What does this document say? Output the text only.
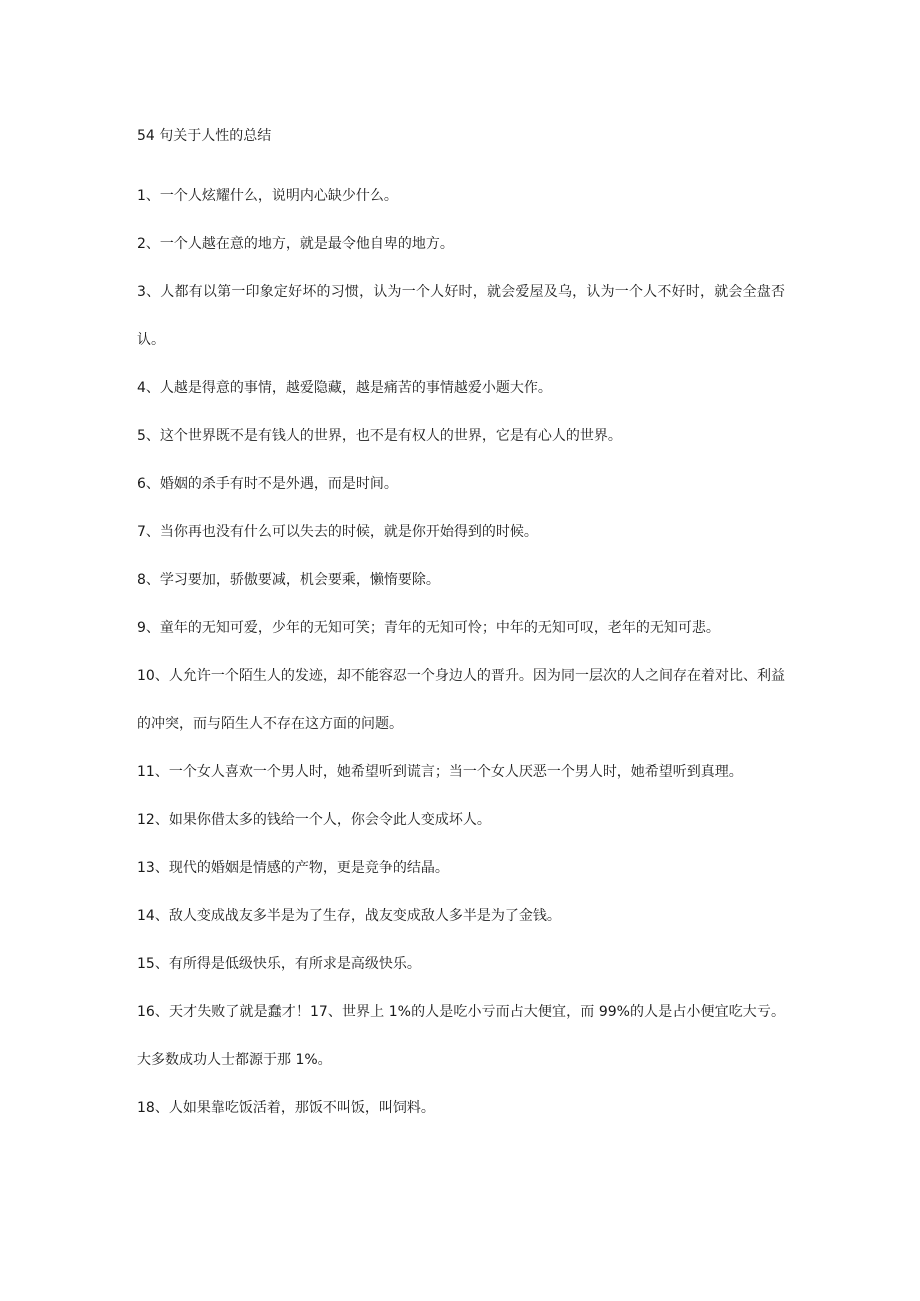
54 句关于人性的总结

1、一个人炫耀什么，说明内心缺少什么。

2、一个人越在意的地方，就是最令他自卑的地方。

3、人都有以第一印象定好坏的习惯，认为一个人好时，就会爱屋及乌，认为一个人不好时，就会全盘否认。

4、人越是得意的事情，越爱隐藏，越是痛苦的事情越爱小题大作。

5、这个世界既不是有钱人的世界，也不是有权人的世界，它是有心人的世界。

6、婚姻的杀手有时不是外遇，而是时间。

7、当你再也没有什么可以失去的时候，就是你开始得到的时候。

8、学习要加，骄傲要减，机会要乘，懒惰要除。

9、童年的无知可爱，少年的无知可笑；青年的无知可怜；中年的无知可叹，老年的无知可悲。

10、人允许一个陌生人的发迹，却不能容忍一个身边人的晋升。因为同一层次的人之间存在着对比、利益的冲突，而与陌生人不存在这方面的问题。

11、一个女人喜欢一个男人时，她希望听到谎言；当一个女人厌恶一个男人时，她希望听到真理。

12、如果你借太多的钱给一个人，你会令此人变成坏人。

13、现代的婚姻是情感的产物，更是竞争的结晶。

14、敌人变成战友多半是为了生存，战友变成敌人多半是为了金钱。

15、有所得是低级快乐，有所求是高级快乐。

16、天才失败了就是蠢才！17、世界上 1%的人是吃小亏而占大便宜，而 99%的人是占小便宜吃大亏。大多数成功人士都源于那 1%。

18、人如果靠吃饭活着，那饭不叫饭，叫饲料。
